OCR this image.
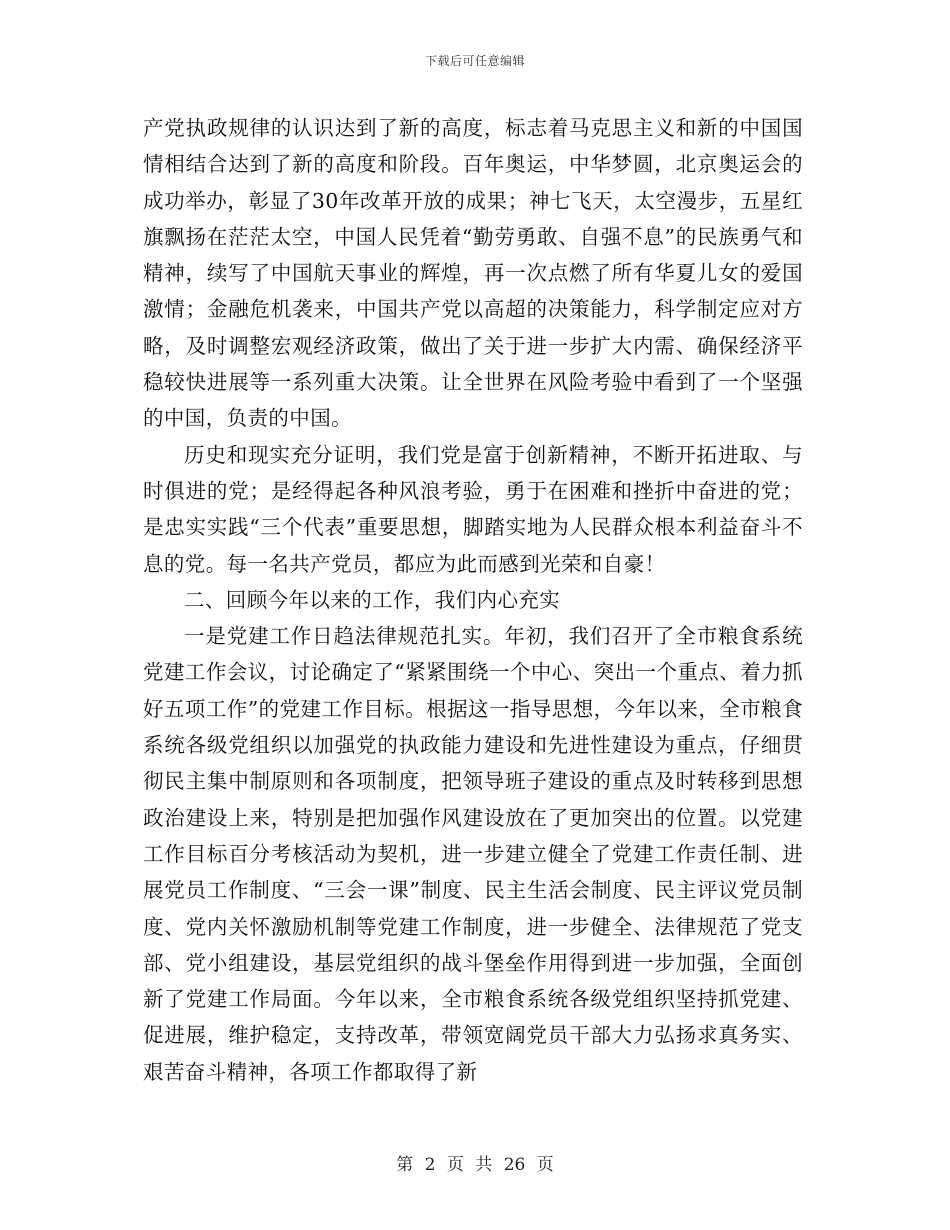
下载后可任意编辑

产党执政规律的认识达到了新的高度，标志着马克思主义和新的中国国情相结合达到了新的高度和阶段。百年奥运，中华梦圆，北京奥运会的成功举办，彰显了30年改革开放的成果；神七飞天，太空漫步，五星红旗飘扬在茫茫太空，中国人民凭着“勤劳勇敢、自强不息”的民族勇气和精神，续写了中国航天事业的辉煌，再一次点燃了所有华夏儿女的爱国激情；金融危机袭来，中国共产党以高超的决策能力，科学制定应对方略，及时调整宏观经济政策，做出了关于进一步扩大内需、确保经济平稳较快进展等一系列重大决策。让全世界在风险考验中看到了一个坚强的中国，负责的中国。

历史和现实充分证明，我们党是富于创新精神，不断开拓进取、与时俱进的党；是经得起各种风浪考验，勇于在困难和挫折中奋进的党；是忠实实践“三个代表”重要思想，脚踏实地为人民群众根本利益奋斗不息的党。每一名共产党员，都应为此而感到光荣和自豪！

二、回顾今年以来的工作，我们内心充实

一是党建工作日趋法律规范扎实。年初，我们召开了全市粮食系统党建工作会议，讨论确定了“紧紧围绕一个中心、突出一个重点、着力抓好五项工作”的党建工作目标。根据这一指导思想，今年以来，全市粮食系统各级党组织以加强党的执政能力建设和先进性建设为重点，仔细贯彻民主集中制原则和各项制度，把领导班子建设的重点及时转移到思想政治建设上来，特别是把加强作风建设放在了更加突出的位置。以党建工作目标百分考核活动为契机，进一步建立健全了党建工作责任制、进展党员工作制度、“三会一课”制度、民主生活会制度、民主评议党员制度、党内关怀激励机制等党建工作制度，进一步健全、法律规范了党支部、党小组建设，基层党组织的战斗堡垒作用得到进一步加强，全面创新了党建工作局面。今年以来，全市粮食系统各级党组织坚持抓党建、促进展，维护稳定，支持改革，带领宽阔党员干部大力弘扬求真务实、艰苦奋斗精神，各项工作都取得了新

第 2 页 共 26 页
